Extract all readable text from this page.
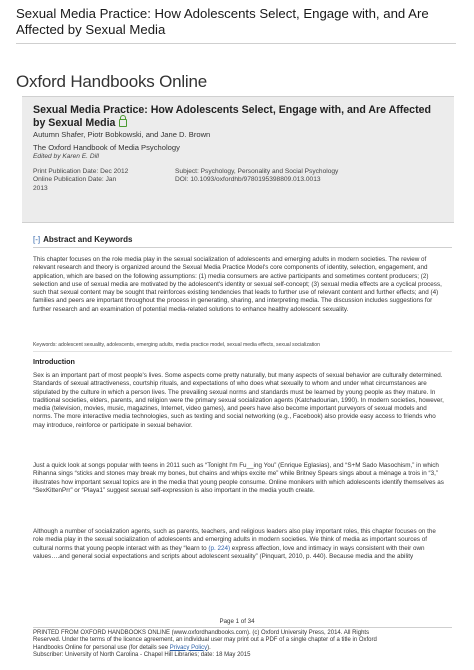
Sexual Media Practice: How Adolescents Select, Engage with, and Are Affected by Sexual Media
Oxford Handbooks Online
Sexual Media Practice: How Adolescents Select, Engage with, and Are Affected by Sexual Media
Autumn Shafer, Piotr Bobkowski, and Jane D. Brown
The Oxford Handbook of Media Psychology
Edited by Karen E. Dill
Print Publication Date: Dec 2012
Online Publication Date: Jan
2013
Subject: Psychology, Personality and Social Psychology
DOI: 10.1093/oxfordhb/9780195398809.013.0013
[-] Abstract and Keywords

This chapter focuses on the role media play in the sexual socialization of adolescents and emerging adults in modern societies. The review of relevant research and theory is organized around the Sexual Media Practice Model's core components of identity, selection, engagement, and application, which are based on the following assumptions: (1) media consumers are active participants and sometimes content producers; (2) selection and use of sexual media are motivated by the adolescent's identity or sexual self-concept; (3) sexual media effects are a cyclical process, such that sexual content may be sought that reinforces existing tendencies that leads to further use of relevant content and further effects; and (4) families and peers are important throughout the process in generating, sharing, and interpreting media. The discussion includes suggestions for further research and an examination of potential media-related solutions to enhance healthy adolescent sexuality.

Keywords: adolescent sexuality, adolescents, emerging adults, media practice model, sexual media effects, sexual socialization
Introduction

Sex is an important part of most people's lives. Some aspects come pretty naturally, but many aspects of sexual behavior are culturally determined. Standards of sexual attractiveness, courtship rituals, and expectations of who does what sexually to whom and under what circumstances are stipulated by the culture in which a person lives. The prevailing sexual norms and standards must be learned by young people as they mature. In traditional societies, elders, parents, and religion were the primary sexual socialization agents (Katchadourian, 1990). In modern societies, however, media (television, movies, music, magazines, Internet, video games), and peers have also become important purveyors of sexual models and norms. The more interactive media technologies, such as texting and social networking (e.g., Facebook) also provide easy access to friends who may introduce, reinforce or participate in sexual behavior.

Just a quick look at songs popular with teens in 2011 such as “Tonight I'm Fu__ing You” (Enrique Eglasias), and “S+M Sado Masochism,” in which Rihanna sings “sticks and stones may break my bones, but chains and whips excite me” while Britney Spears sings about a ménage a trois in “3,” illustrates how important sexual topics are in the media that young people consume. Online monikers with which adolescents identify themselves as “SexKittenPrr” or “Playa1” suggest sexual self-expression is also important in the media youth create.

Although a number of socialization agents, such as parents, teachers, and religious leaders also play important roles, this chapter focuses on the role media play in the sexual socialization of adolescents and emerging adults in modern societies. We think of media as important sources of cultural norms that young people interact with as they “learn to (p. 224) express affection, love and intimacy in ways consistent with their own values….and general social expectations and scripts about adolescent sexuality” (Pinquart, 2010, p. 440). Because media and the ability

Page 1 of 34
PRINTED FROM OXFORD HANDBOOKS ONLINE (www.oxfordhandbooks.com). (c) Oxford University Press, 2014. All Rights
Reserved. Under the terms of the licence agreement, an individual user may print out a PDF of a single chapter of a title in Oxford
Handbooks Online for personal use (for details see Privacy Policy).
Subscriber: University of North Carolina - Chapel Hill Libraries; date: 18 May 2015
